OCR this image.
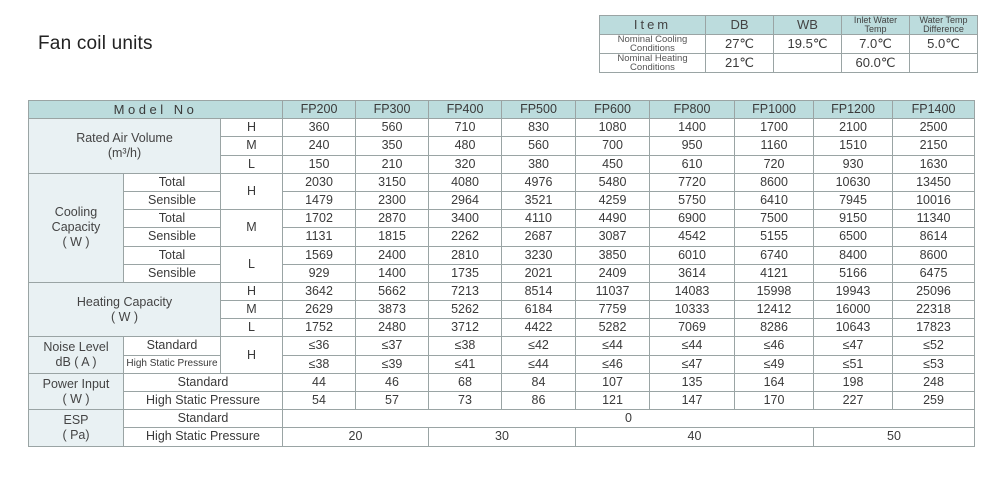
Fan coil units
Item	DB	WB	Inlet Water Temp	Water Temp Difference
Nominal Cooling Conditions	27℃	19.5℃	7.0℃	5.0℃
Nominal Heating Conditions	21℃		60.0℃	
Model No			FP200	FP300	FP400	FP500	FP600	FP800	FP1000	FP1200	FP1400

Rated Air Volume
(m³/h)		H	360	560	710	830	1080	1400	1700	2100	2500
		M	240	350	480	560	700	950	1160	1510	2150
		L	150	210	320	380	450	610	720	930	1630

Cooling Capacity
( W )	Total	H	2030	3150	4080	4976	5480	7720	8600	10630	13450
	Sensible		1479	2300	2964	3521	4259	5750	6410	7945	10016
	Total	M	1702	2870	3400	4110	4490	6900	7500	9150	11340
	Sensible		1131	1815	2262	2687	3087	4542	5155	6500	8614
	Total	L	1569	2400	2810	3230	3850	6010	6740	8400	8600
	Sensible		929	1400	1735	2021	2409	3614	4121	5166	6475

Heating Capacity
( W )		H	3642	5662	7213	8514	11037	14083	15998	19943	25096
		M	2629	3873	5262	6184	7759	10333	12412	16000	22318
		L	1752	2480	3712	4422	5282	7069	8286	10643	17823

Noise Level
dB ( A )	Standard	H	≤36	≤37	≤38	≤42	≤44	≤44	≤46	≤47	≤52
	High Static Pressure		≤38	≤39	≤41	≤44	≤46	≤47	≤49	≤51	≤53

Power Input
( W )	Standard		44	46	68	84	107	135	164	198	248
	High Static Pressure		54	57	73	86	121	147	170	227	259

ESP
( Pa)	Standard		0								
	High Static Pressure		20		30		40			50	
